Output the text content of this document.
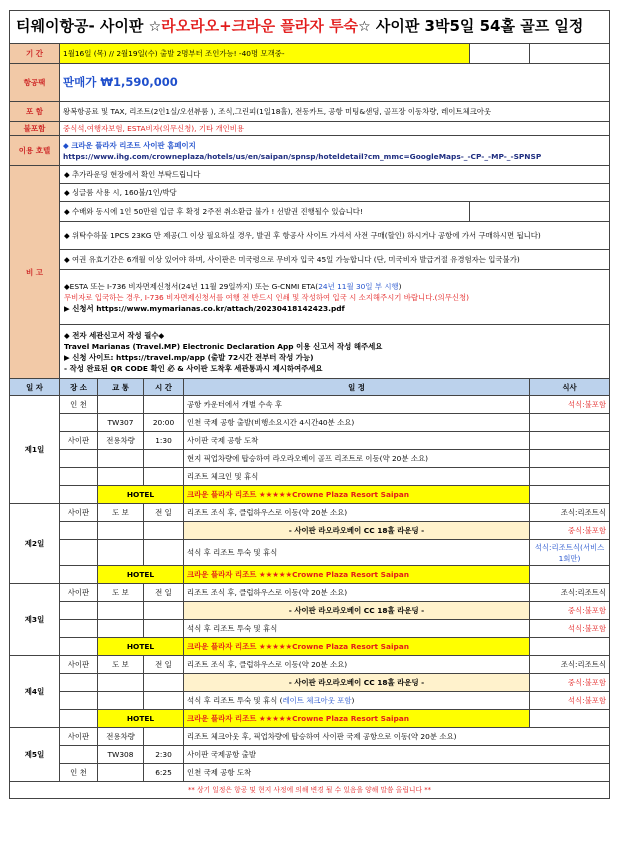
티웨이항공- 사이판 ☆라오라오+크라운 플라자 투숙☆ 사이판 3박5일 54홀 골프 일정						
기 간	1월16일 (목) // 2월19일(수) 출발 2명부터 조인가능! -40명 모객중-					
항공팩	판매가 ₩1,590,000					
포 함	왕복항공료 및 TAX, 리조트(2인1실/오션뷰룸 ), 조식,그린피(1일18홀), 전동카트, 공항 미팅&샌딩, 골프장 이동차량, 레이트체크아웃					
불포함	중식석,여행자보험, ESTA비자(의무신청), 기타 개인비용					
이용 호텔	◆ 크라운 플라자 리조트 사이판 홈페이지
https://www.ihg.com/crowneplaza/hotels/us/en/saipan/spnsp/hoteldetail?cm_mmc=GoogleMaps-_-CP-_-MP-_-SPNSP					

비 고	◆ 추가라운딩 현장에서 확인 부탁드립니다					
	◆ 싱글룸 사용 시, 160불/1인/박당					
	◆ 수배와 동시에 1인 50만원 입금 후 확정 2주전 취소환급 불가 ! 선발권 진행될수 있습니다!					
	◆ 위탁수하물 1PCS 23KG 만 제공(그 이상 필요하실 경우, 발권 후 항공사 사이트 가셔서 사전 구매(할인) 하시거나 공항에 가서 구매하시면 됩니다)					
	◆ 여권 유효기간은 6개월 이상 있어야 하며, 사이판은 미국령으로 무비자 입국 45일 가능합니다 (단, 미국비자 발급거절 유경험자는 입국불가)					

	◆ESTA 또는 I-736 비자면제신청서(24년 11월 29일까지) 또는 G-CNMI ETA(24년 11월 30일 부 시행)
무비자로 입국하는 경우, I-736 비자면제신청서를 여행 전 반드시 인쇄 및 작성하여 입국 시 소지해주시기 바랍니다.(의무신청)
▶ 신청서 https://www.mymarianas.co.kr/attach/20230418142423.pdf					

	◆ 전자 세관신고서 작성 필수◆
Travel Marianas (Travel.MP) Electronic Declaration App 이용 신고서 작성 해주세요
▶ 신청 사이트: https://travel.mp/app (출발 72시간 전부터 작성 가능)
- 작성 완료된 QR CODE 확인 必 & 사이판 도착후 세관통과시 제시하여주세요					

일 자	장 소	교 통	시 간	일 정		식사
제1일	인 천			공항 카운터에서 개별 수속 후		석식:불포함
		TW307	20:00	인천 국제 공항 출발(비행소요시간 4시간40분 소요)		
	사이판	전용차량	1:30	사이판 국제 공항 도착		
				현지 픽업차량에 탑승하여 라오라오베이 골프 리조트로 이동(약 20분 소요)		
				리조트 체크인 및 휴식		
		HOTEL		크라운 플라자 리조트 ★★★★★Crowne Plaza Resort Saipan		
제2일	사이판	도 보	전 일	리조트 조식 후, 클럽하우스로 이동(약 20분 소요)		조식:리조트식
				- 사이판 라오라오베이 CC 18홀 라운딩 -		중식:불포함
				석식 후 리조트 투숙 및 휴식		석식:리조트식(서비스1회만)
		HOTEL		크라운 플라자 리조트 ★★★★★Crowne Plaza Resort Saipan		
제3일	사이판	도 보	전 일	리조트 조식 후, 클럽하우스로 이동(약 20분 소요)		조식:리조트식
				- 사이판 라오라오베이 CC 18홀 라운딩 -		중식:불포함
				석식 후 리조트 투숙 및 휴식		석식:불포함
		HOTEL		크라운 플라자 리조트 ★★★★★Crowne Plaza Resort Saipan		
제4일	사이판	도 보	전 일	리조트 조식 후, 클럽하우스로 이동(약 20분 소요)		조식:리조트식
				- 사이판 라오라오베이 CC 18홀 라운딩 -		중식:불포함
				석식 후 리조트 투숙 및 휴식 (레이트 체크아웃 포함)		석식:불포함
		HOTEL		크라운 플라자 리조트 ★★★★★Crowne Plaza Resort Saipan		
제5일	사이판	전용차량		리조트 체크아웃 후, 픽업차량에 탑승하여 사이판 국제 공항으로 이동(약 20분 소요)		
		TW308	2:30	사이판 국제공항 출발		
	인 천		6:25	인천 국제 공항 도착		
** 상기 일정은 항공 및 현지 사정에 의해 변경 될 수 있음을 양해 말씀 올립니다 **						
